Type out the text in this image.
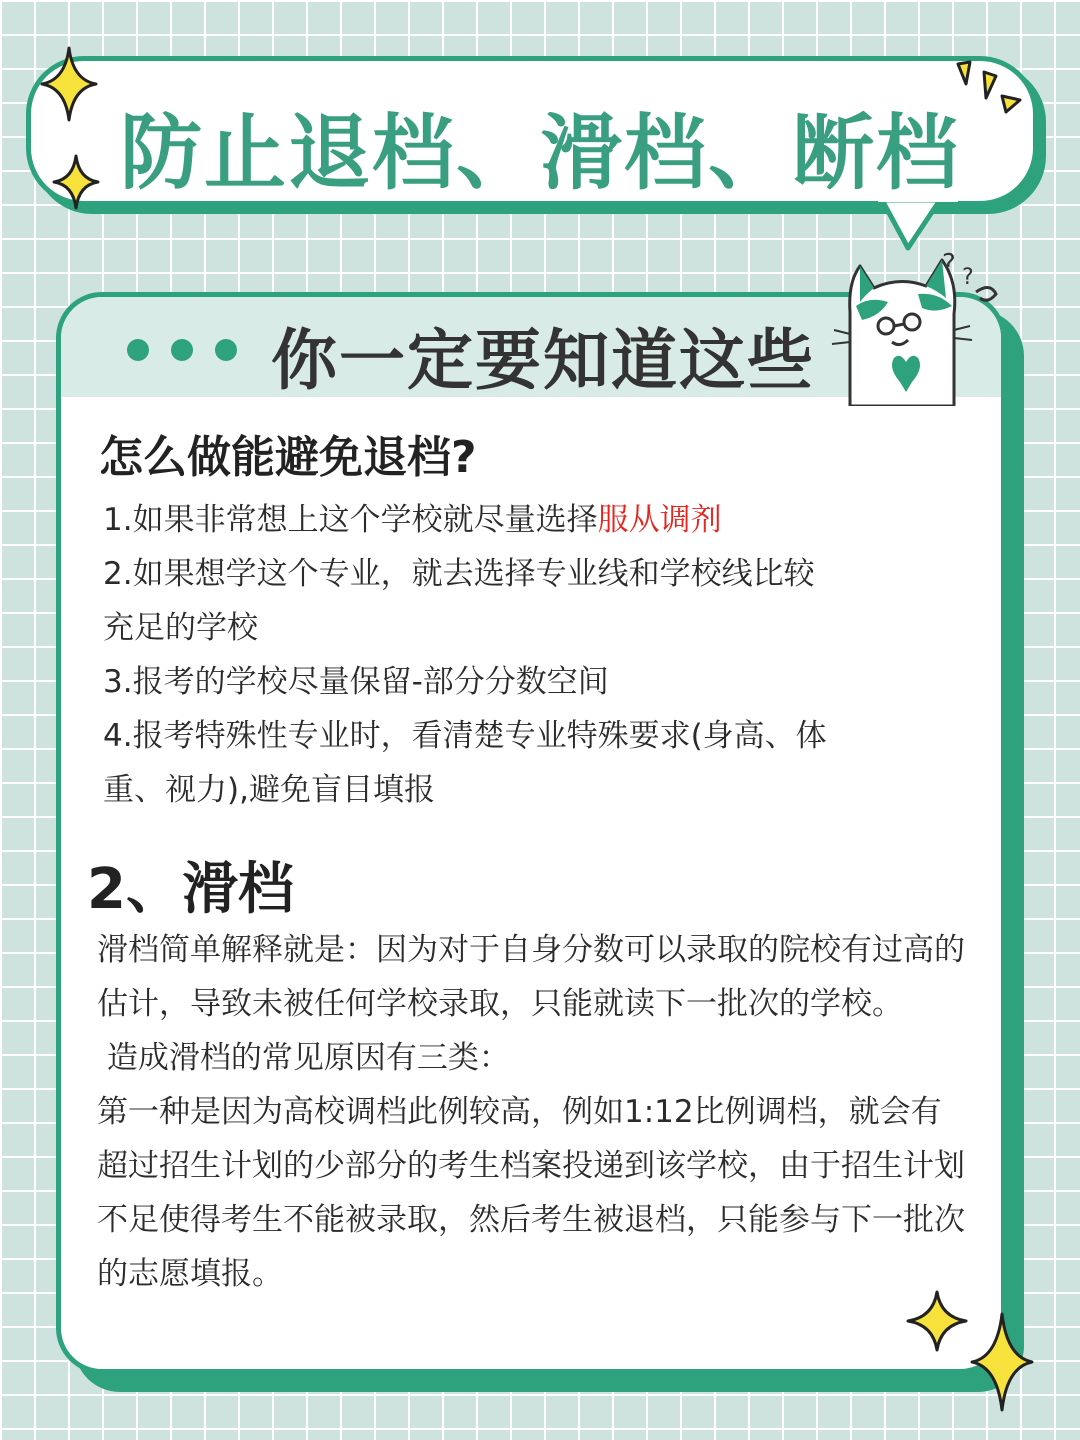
防止退档、滑档、断档
你一定要知道这些
怎么做能避免退档?
1.如果非常想上这个学校就尽量选择服从调剂
2.如果想学这个专业，就去选择专业线和学校线比较充足的学校
3.报考的学校尽量保留-部分分数空间
4.报考特殊性专业时，看清楚专业特殊要求(身高、体重、视力),避免盲目填报
2、滑档

滑档简单解释就是：因为对于自身分数可以录取的院校有过高的估计，导致未被任何学校录取，只能就读下一批次的学校。

造成滑档的常见原因有三类：

第一种是因为高校调档此例较高，例如1:12比例调档，就会有超过招生计划的少部分的考生档案投递到该学校，由于招生计划不足使得考生不能被录取，然后考生被退档，只能参与下一批次的志愿填报。

? ?
